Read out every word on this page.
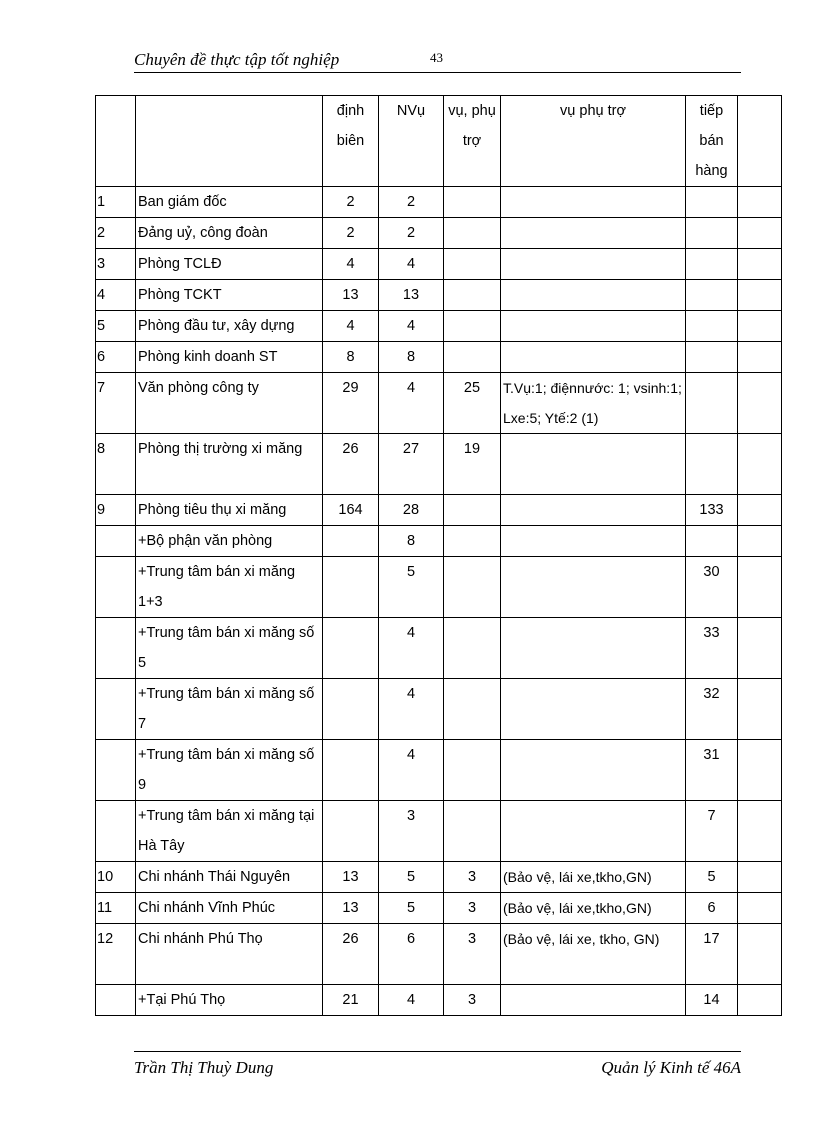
Chuyên đề thực tập tốt nghiệp	43
		định biên	NVụ	vụ, phụ trợ	vụ phụ trợ	tiếp bán hàng	
1	Ban giám đốc	2	2				
2	Đảng uỷ, công đoàn	2	2				
3	Phòng TCLĐ	4	4				
4	Phòng TCKT	13	13				
5	Phòng đầu tư, xây dựng	4	4				
6	Phòng kinh doanh ST	8	8				
7	Văn phòng công ty	29	4	25	T.Vụ:1; điệnnước: 1; vsinh:1; Lxe:5; Ytế:2 (1)		
8	Phòng thị trường xi măng	26	27	19			
9	Phòng tiêu thụ xi măng	164	28			133	
	+Bộ phận văn phòng		8				
	+Trung tâm bán xi măng 1+3		5			30	
	+Trung tâm bán xi măng số 5		4			33	
	+Trung tâm bán xi măng số 7		4			32	
	+Trung tâm bán xi măng số 9		4			31	
	+Trung tâm bán xi măng tại Hà Tây		3			7	
10	Chi nhánh Thái Nguyên	13	5	3	(Bảo vệ, lái xe,tkho,GN)	5	
11	Chi nhánh Vĩnh Phúc	13	5	3	(Bảo vệ, lái xe,tkho,GN)	6	
12	Chi nhánh Phú Thọ	26	6	3	(Bảo vệ, lái xe, tkho, GN)	17	
	+Tại Phú Thọ	21	4	3		14	
Trần Thị Thuỳ Dung	Quản lý Kinh tế 46A
